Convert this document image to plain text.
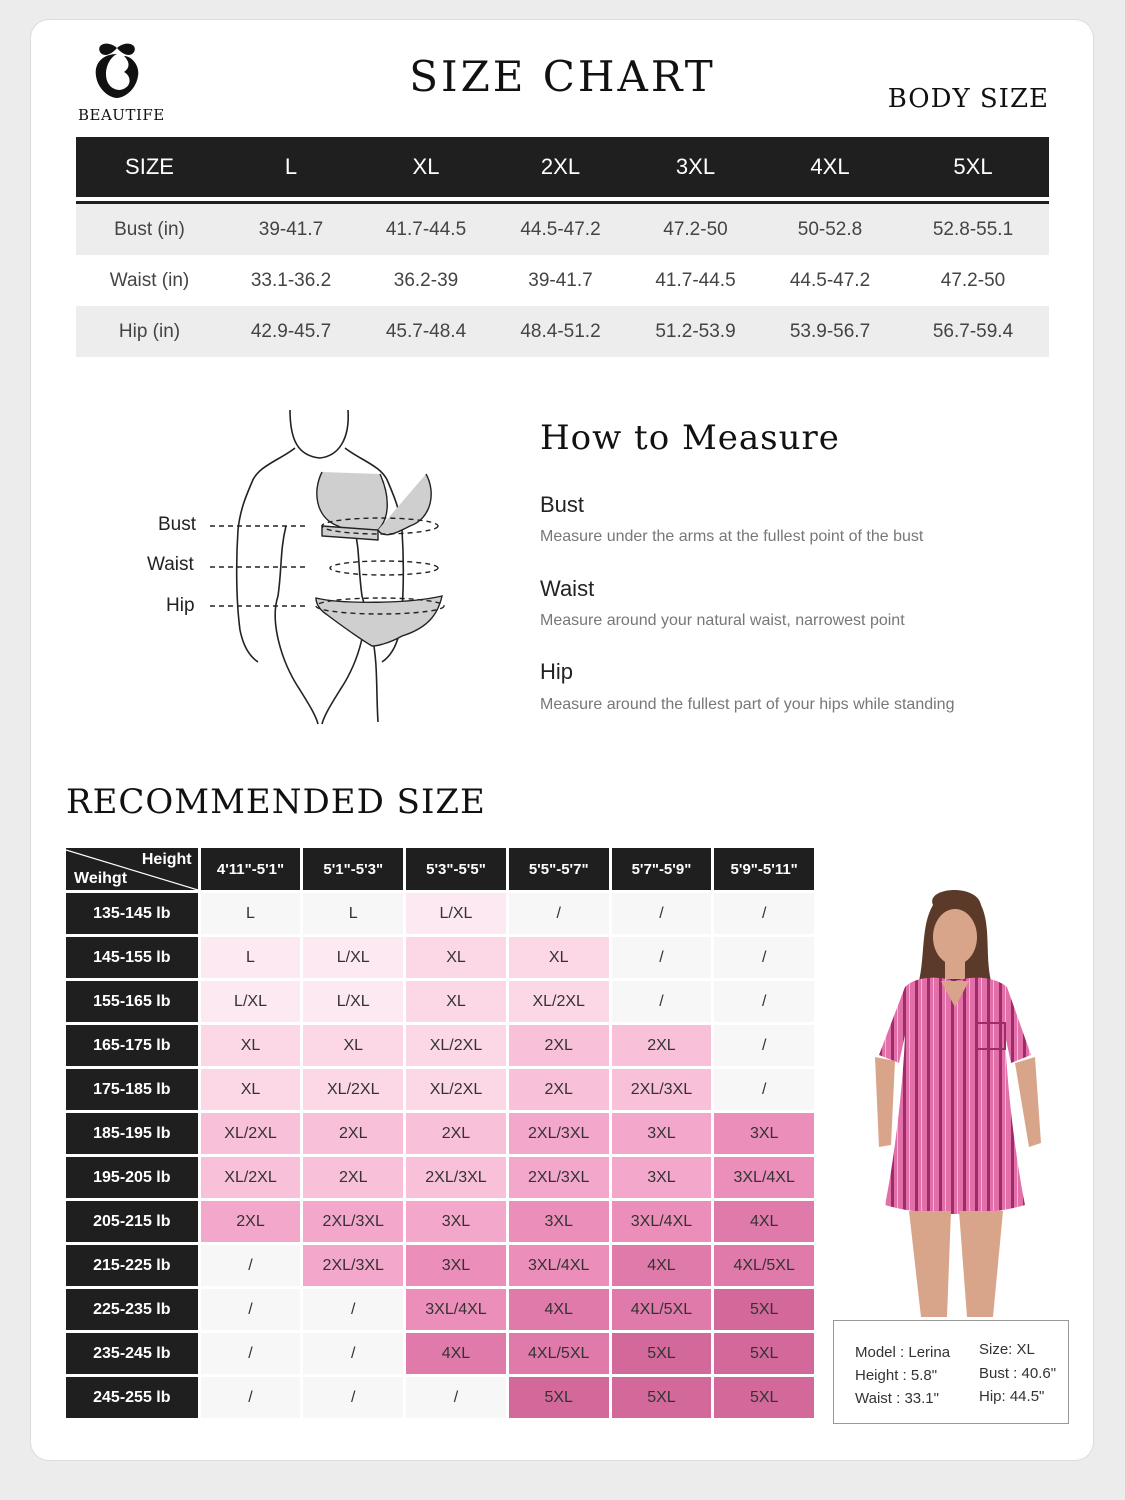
BEAUTIFE
SIZE CHART	BODY SIZE
SIZE	L	XL	2XL	3XL	4XL	5XL
Bust (in)	39-41.7	41.7-44.5	44.5-47.2	47.2-50	50-52.8	52.8-55.1
Waist (in)	33.1-36.2	36.2-39	39-41.7	41.7-44.5	44.5-47.2	47.2-50
Hip (in)	42.9-45.7	45.7-48.4	48.4-51.2	51.2-53.9	53.9-56.7	56.7-59.4
Bust
Waist
Hip
How to Measure
Bust
Measure under the arms at the fullest point of the bust
Waist
Measure around your natural waist, narrowest point
Hip
Measure around the fullest part of your hips while standing
RECOMMENDED SIZE
Height
Weihgt
4'11"-5'1"	5'1"-5'3"	5'3"-5'5"	5'5"-5'7"	5'7"-5'9"	5'9"-5'11"
135-145 lb	L	L	L/XL	/	/	/
145-155 lb	L	L/XL	XL	XL	/	/
155-165 lb	L/XL	L/XL	XL	XL/2XL	/	/
165-175 lb	XL	XL	XL/2XL	2XL	2XL	/
175-185 lb	XL	XL/2XL	XL/2XL	2XL	2XL/3XL	/
185-195 lb	XL/2XL	2XL	2XL	2XL/3XL	3XL	3XL
195-205 lb	XL/2XL	2XL	2XL/3XL	2XL/3XL	3XL	3XL/4XL
205-215 lb	2XL	2XL/3XL	3XL	3XL	3XL/4XL	4XL
215-225 lb	/	2XL/3XL	3XL	3XL/4XL	4XL	4XL/5XL
225-235 lb	/	/	3XL/4XL	4XL	4XL/5XL	5XL
235-245 lb	/	/	4XL	4XL/5XL	5XL	5XL
245-255 lb	/	/	/	5XL	5XL	5XL
Model : Lerina
Height : 5.8"
Waist : 33.1"
Size: XL
Bust : 40.6"
Hip: 44.5"
